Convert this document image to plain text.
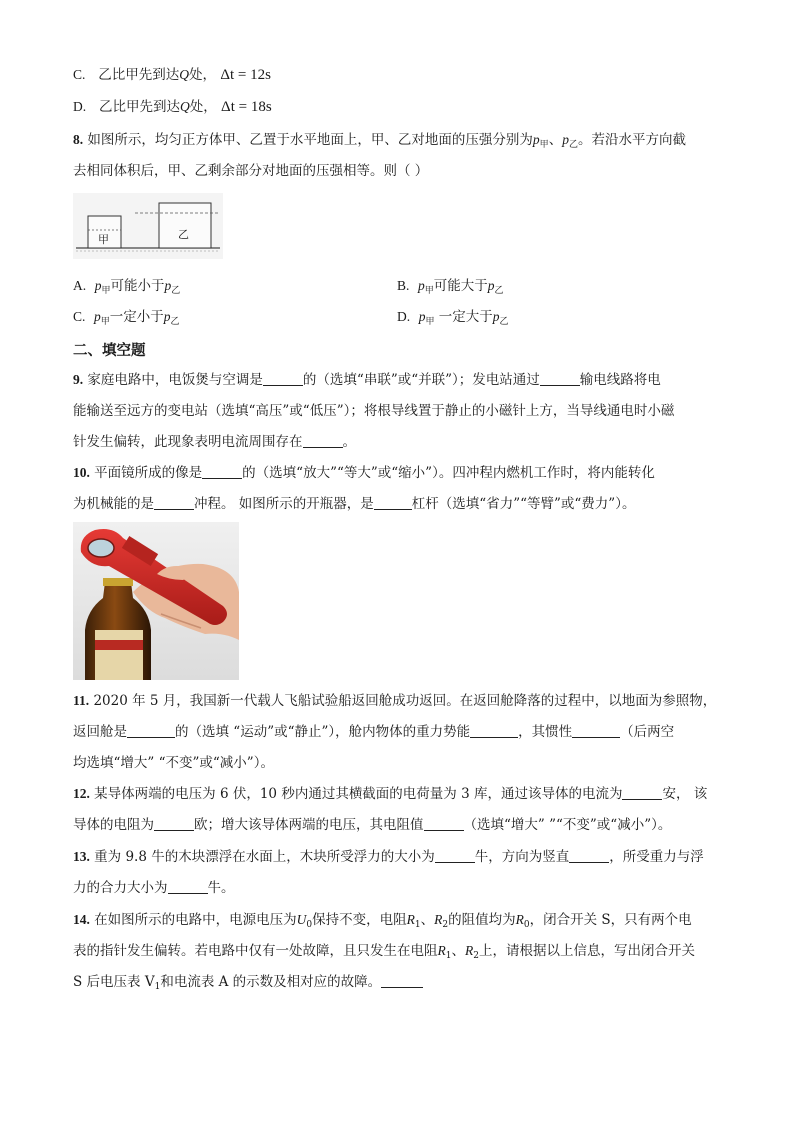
C. 乙比甲先到达Q处， Δt = 12s
D. 乙比甲先到达Q处， Δt = 18s
8. 如图所示，均匀正方体甲、乙置于水平地面上，甲、乙对地面的压强分别为$p_甲$、$p_乙$。若沿水平方向截
去相同体积后，甲、乙剩余部分对地面的压强相等。则（ ）
甲	乙
A. $p_甲$可能小于$p_乙$	B. $p_甲$可能大于$p_乙$
C. $p_甲$一定小于$p_乙$	D. $p_甲$ 一定大于$p_乙$
二、填空题
9. 家庭电路中，电饭煲与空调是	的（选填“串联”或“并联”）；发电站通过	输电线路将电
能输送至远方的变电站（选填“高压”或“低压”）；将根导线置于静止的小磁针上方，当导线通电时小磁
针发生偏转，此现象表明电流周围存在	。
10. 平面镜所成的像是	的（选填“放大”“等大”或“缩小”）。四冲程内燃机工作时，将内能转化
为机械能的是	冲程。 如图所示的开瓶器，是	杠杆（选填“省力”“等臂”或“费力”）。
11. 2020 年 5 月，我国新一代载人飞船试验船返回舱成功返回。在返回舱降落的过程中，以地面为参照物，
返回舱是	的（选填 “运动”或“静止”），舱内物体的重力势能	，其惯性	（后两空
均选填“增大” “不变”或“减小”）。
12. 某导体两端的电压为 6 伏，10 秒内通过其横截面的电荷量为 3 库，通过该导体的电流为	安， 该
导体的电阻为	欧；增大该导体两端的电压，其电阻值	（选填“增大” ”“不变”或“减小”）。
13. 重为 9.8 牛的木块漂浮在水面上，木块所受浮力的大小为	牛，方向为竖直	，所受重力与浮
力的合力大小为	牛。
14. 在如图所示的电路中，电源电压为$U_0$保持不变，电阻$R_1$、$R_2$的阻值均为$R_0$，闭合开关 S，只有两个电
表的指针发生偏转。若电路中仅有一处故障，且只发生在电阻$R_1$、$R_2$上，请根据以上信息，写出闭合开关
S 后电压表 $V_1$和电流表 A 的示数及相对应的故障。
